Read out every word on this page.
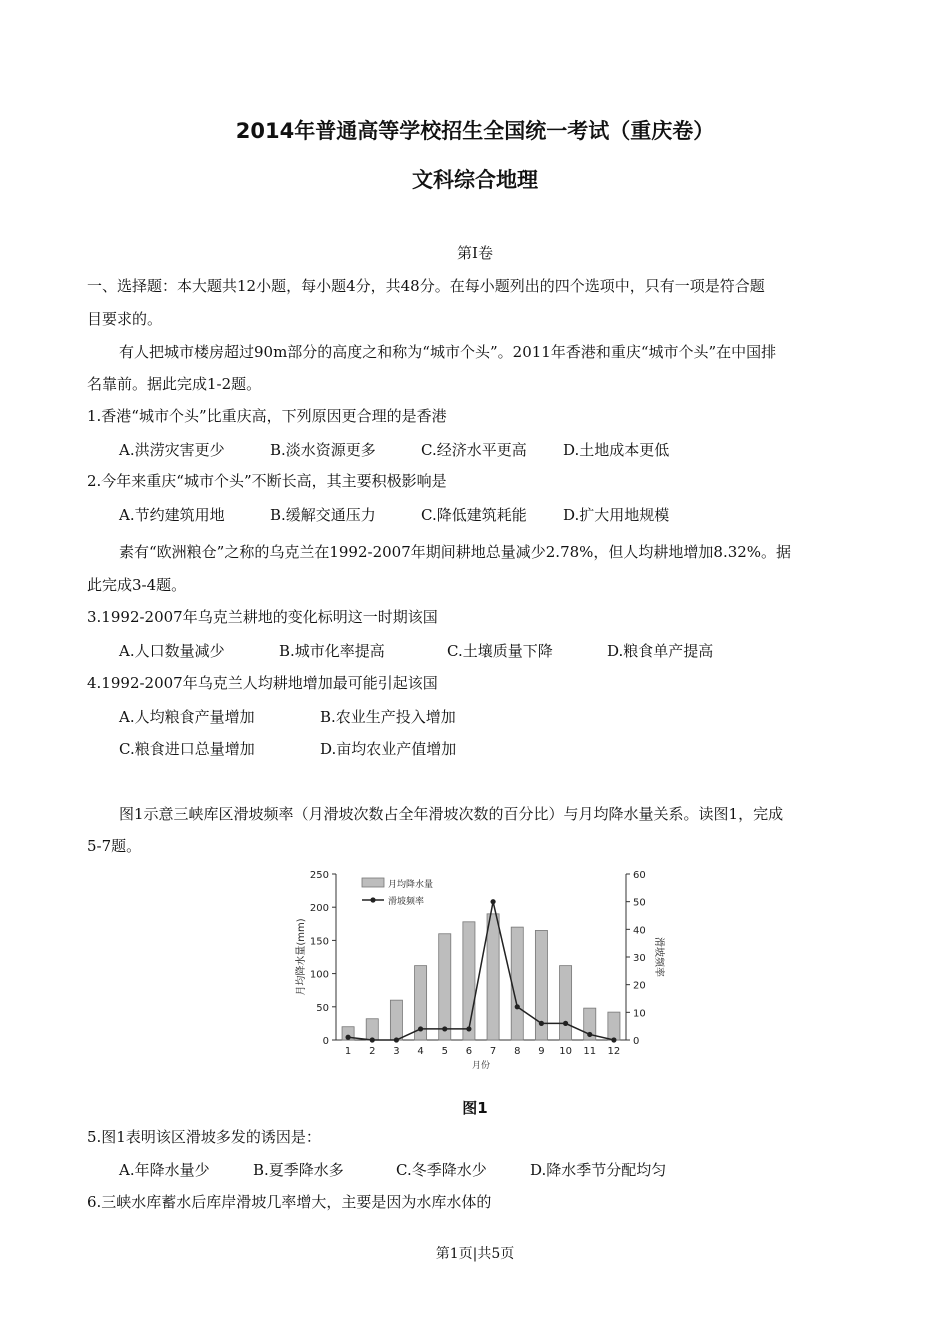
2014年普通高等学校招生全国统一考试（重庆卷）
文科综合地理
第Ⅰ卷
一、选择题：本大题共12小题，每小题4分，共48分。在每小题列出的四个选项中，只有一项是符合题
目要求的。
有人把城市楼房超过90m部分的高度之和称为“城市个头”。2011年香港和重庆“城市个头”在中国排
名靠前。据此完成1-2题。
1.香港“城市个头”比重庆高，下列原因更合理的是香港
A.洪涝灾害更少	B.淡水资源更多	C.经济水平更高 D.土地成本更低
2.今年来重庆“城市个头”不断长高，其主要积极影响是
A.节约建筑用地	B.缓解交通压力	C.降低建筑耗能 D.扩大用地规模
素有“欧洲粮仓”之称的乌克兰在1992-2007年期间耕地总量减少2.78%，但人均耕地增加8.32%。据
此完成3-4题。
3.1992-2007年乌克兰耕地的变化标明这一时期该国
A.人口数量减少	B.城市化率提高	C.土壤质量下降	D.粮食单产提高
4.1992-2007年乌克兰人均耕地增加最可能引起该国
A.人均粮食产量增加	B.农业生产投入增加
C.粮食进口总量增加	D.亩均农业产值增加
图1示意三峡库区滑坡频率（月滑坡次数占全年滑坡次数的百分比）与月均降水量关系。读图1，完成
5-7题。
0
50
100
150
200
250
0
10
20
30
40
50
60
1 2 3 4 5 6 7 8 9 10 11 12
月份
月均降水量(mm)	滑坡频率
月均降水量
滑坡频率
图1
5.图1表明该区滑坡多发的诱因是：
A.年降水量少	B.夏季降水多	C.冬季降水少	D.降水季节分配均匀
6.三峡水库蓄水后库岸滑坡几率增大，主要是因为水库水体的
第1页|共5页
